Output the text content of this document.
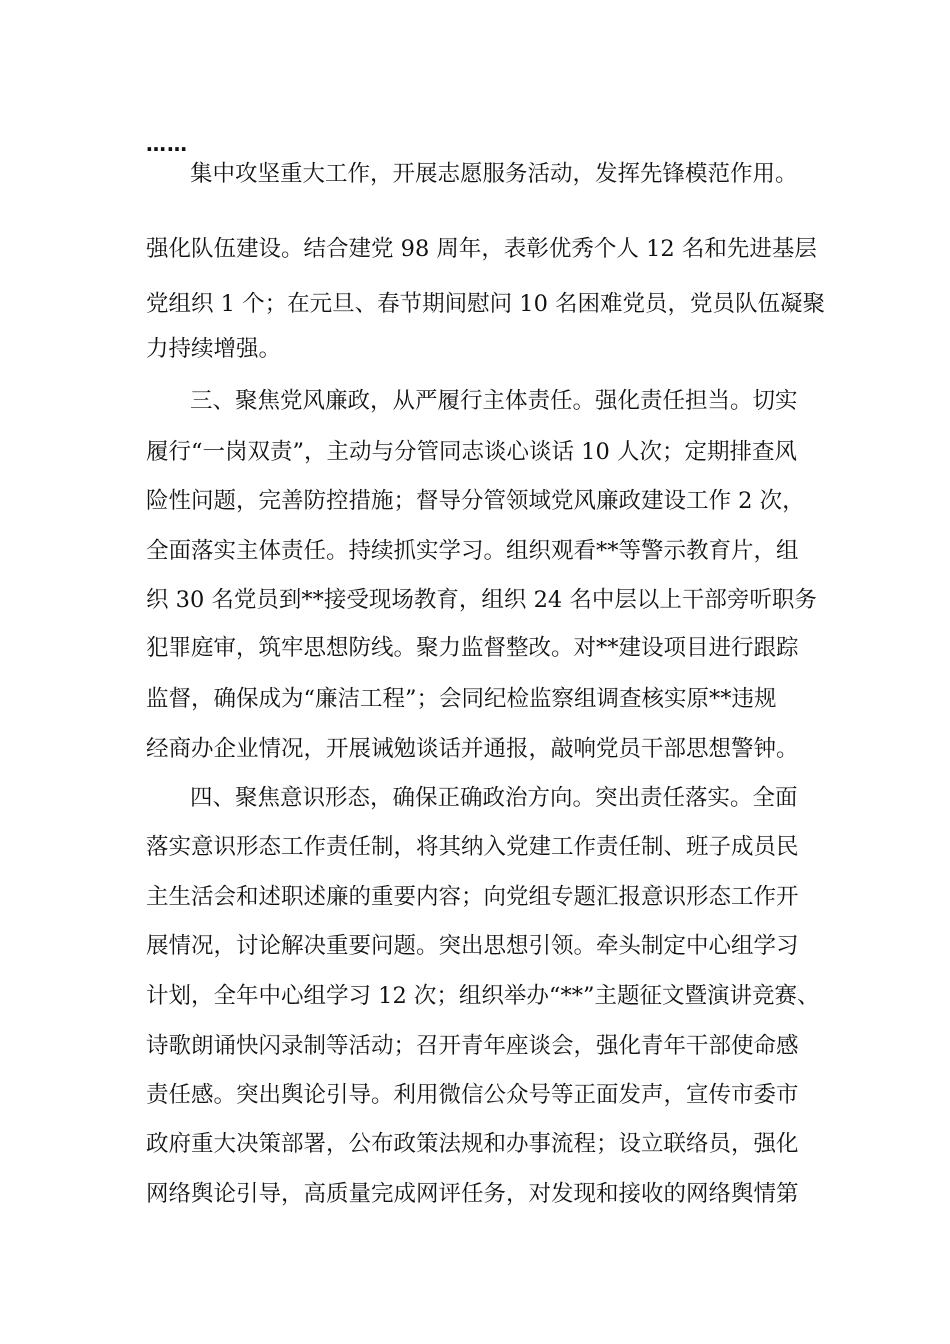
……
集中攻坚重大工作，开展志愿服务活动，发挥先锋模范作用。
强化队伍建设。结合建党 98 周年，表彰优秀个人 12 名和先进基层
党组织 1 个；在元旦、春节期间慰问 10 名困难党员，党员队伍凝聚
力持续增强。
三、聚焦党风廉政，从严履行主体责任。强化责任担当。切实
履行“一岗双责”，主动与分管同志谈心谈话 10 人次；定期排查风
险性问题，完善防控措施；督导分管领域党风廉政建设工作 2 次，
全面落实主体责任。持续抓实学习。组织观看**等警示教育片，组
织 30 名党员到**接受现场教育，组织 24 名中层以上干部旁听职务
犯罪庭审，筑牢思想防线。聚力监督整改。对**建设项目进行跟踪
监督，确保成为“廉洁工程”；会同纪检监察组调查核实原**违规
经商办企业情况，开展诫勉谈话并通报，敲响党员干部思想警钟。
四、聚焦意识形态，确保正确政治方向。突出责任落实。全面
落实意识形态工作责任制，将其纳入党建工作责任制、班子成员民
主生活会和述职述廉的重要内容；向党组专题汇报意识形态工作开
展情况，讨论解决重要问题。突出思想引领。牵头制定中心组学习
计划，全年中心组学习 12 次；组织举办“**”主题征文暨演讲竞赛、
诗歌朗诵快闪录制等活动；召开青年座谈会，强化青年干部使命感
责任感。突出舆论引导。利用微信公众号等正面发声，宣传市委市
政府重大决策部署，公布政策法规和办事流程；设立联络员，强化
网络舆论引导，高质量完成网评任务，对发现和接收的网络舆情第
